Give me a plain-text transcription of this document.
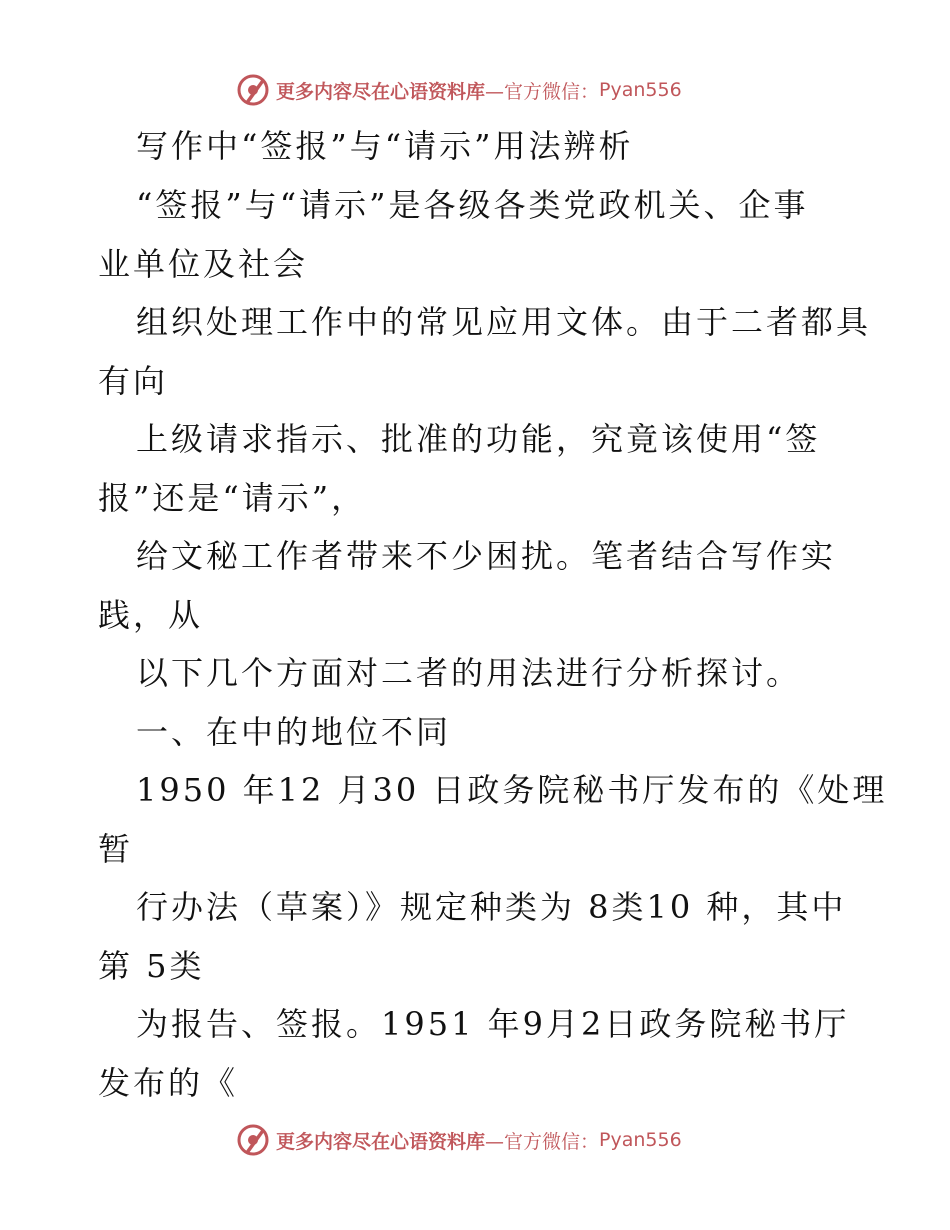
更多内容尽在心语资料库 —官方微信： Pyan556
写作中“签报”与“请示”用法辨析
“签报”与“请示”是各级各类党政机关、企事
业单位及社会
组织处理工作中的常见应用文体。由于二者都具
有向
上级请求指示、批准的功能，究竟该使用“签
报”还是“请示”，
给文秘工作者带来不少困扰。笔者结合写作实
践，从
以下几个方面对二者的用法进行分析探讨。
一、在中的地位不同
1950 年12 月30 日政务院秘书厅发布的《处理
暂
行办法（草案）》规定种类为 8类10 种，其中
第 5类
为报告、签报。1951 年9月2日政务院秘书厅
发布的《
更多内容尽在心语资料库 —官方微信： Pyan556
